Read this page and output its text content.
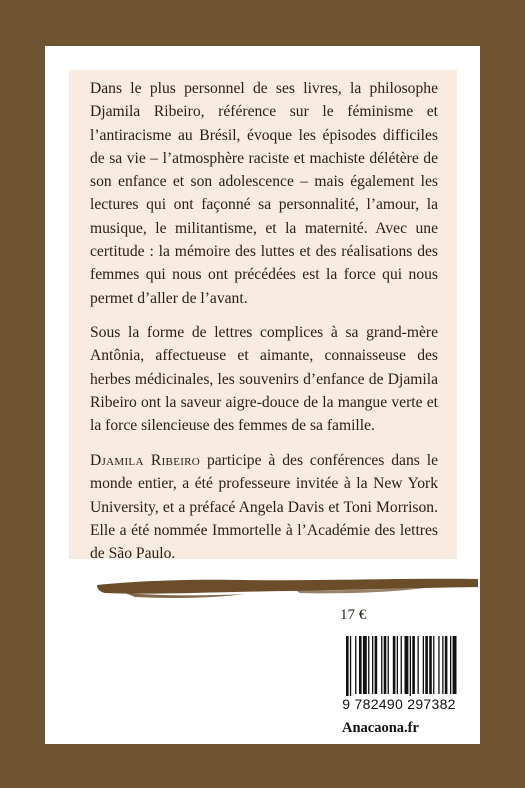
Dans le plus personnel de ses livres, la philosophe Djamila Ribeiro, référence sur le féminisme et l’antiracisme au Brésil, évoque les épisodes difficiles de sa vie – l’atmosphère raciste et machiste délétère de son enfance et son adolescence – mais également les lectures qui ont façonné sa personnalité, l’amour, la musique, le militantisme, et la maternité. Avec une certitude : la mémoire des luttes et des réalisations des femmes qui nous ont précédées est la force qui nous permet d’aller de l’avant.

Sous la forme de lettres complices à sa grand-mère Antônia, affectueuse et aimante, connaisseuse des herbes médicinales, les souvenirs d’enfance de Djamila Ribeiro ont la saveur aigre-douce de la mangue verte et la force silencieuse des femmes de sa famille.

Djamila Ribeiro participe à des conférences dans le monde entier, a été professeure invitée à la New York University, et a préfacé Angela Davis et Toni Morrison. Elle a été nommée Immortelle à l’Académie des lettres de São Paulo.

17 €
9 782490 297382
Anacaona.fr
